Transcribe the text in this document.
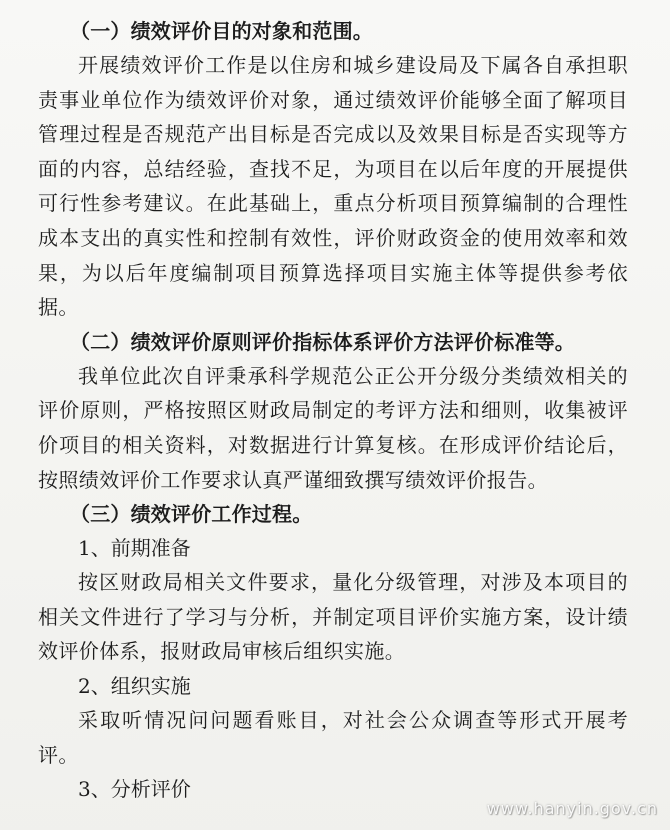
（一）绩效评价目的对象和范围。

开展绩效评价工作是以住房和城乡建设局及下属各自承担职责事业单位作为绩效评价对象，通过绩效评价能够全面了解项目管理过程是否规范产出目标是否完成以及效果目标是否实现等方面的内容，总结经验，查找不足，为项目在以后年度的开展提供可行性参考建议。在此基础上，重点分析项目预算编制的合理性成本支出的真实性和控制有效性，评价财政资金的使用效率和效果，为以后年度编制项目预算选择项目实施主体等提供参考依据。

（二）绩效评价原则评价指标体系评价方法评价标准等。

我单位此次自评秉承科学规范公正公开分级分类绩效相关的评价原则，严格按照区财政局制定的考评方法和细则，收集被评价项目的相关资料，对数据进行计算复核。在形成评价结论后，按照绩效评价工作要求认真严谨细致撰写绩效评价报告。

（三）绩效评价工作过程。

1、前期准备

按区财政局相关文件要求，量化分级管理，对涉及本项目的相关文件进行了学习与分析，并制定项目评价实施方案，设计绩效评价体系，报财政局审核后组织实施。

2、组织实施

采取听情况问问题看账目，对社会公众调查等形式开展考评。

3、分析评价

www.hanyin.gov.cn
